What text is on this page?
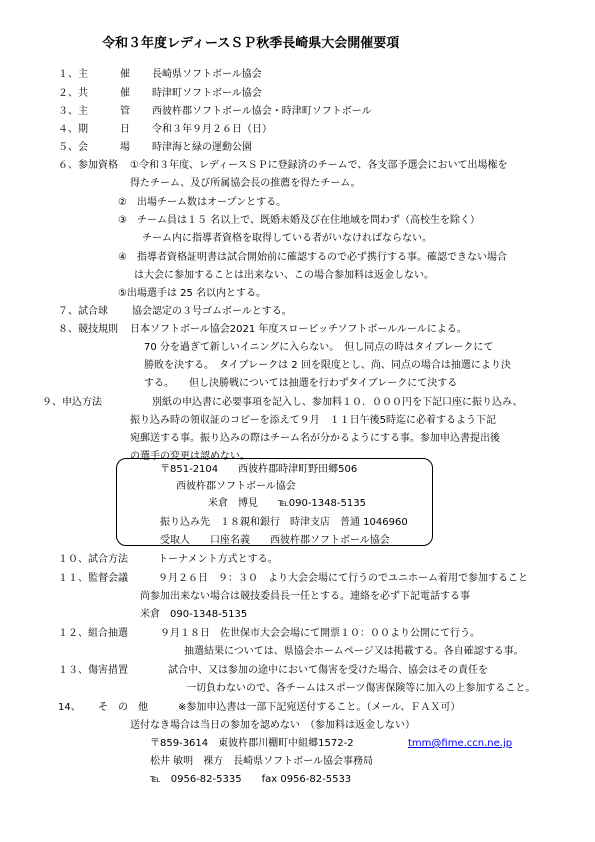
令和３年度レディースＳＰ秋季長崎県大会開催要項
１、主	催 長崎県ソフトボール協会
２、共	催 時津町ソフトボール協会
３、主	管 西彼杵郡ソフトボール協会・時津町ソフトボール
４、期	日 令和３年９月２６日（日）
５、会	場 時津海と緑の運動公園
６、参加資格 ①令和３年度、レディースＳＰに登録済のチームで、各支部予選会において出場権を
得たチーム、及び所属協会長の推薦を得たチーム。
②　出場チーム数はオープンとする。
③　チーム員は１５ 名以上で、既婚未婚及び在住地域を問わず（高校生を除く）
チーム内に指導者資格を取得している者がいなければならない。
④　指導者資格証明書は試合開始前に確認するので必ず携行する事。確認できない場合
は大会に参加することは出来ない、この場合参加料は返金しない。
⑤出場選手は 25 名以内とする。
７、試合球 協会認定の３号ゴムボールとする。
８、競技規則 日本ソフトボール協会2021 年度スローピッチソフトボールルールによる。
70 分を過ぎて新しいイニングに入らない。　但し同点の時はタイブレークにて
勝敗を決する。　タイブレークは 2 回を限度とし、尚、同点の場合は抽選により決
する。　　但し決勝戦については抽選を行わずタイブレークにて決する
９、申込方法	別紙の申込書に必要事項を記入し、参加料１０．０００円を下記口座に振り込み、
振り込み時の領収証のコピーを添えて９月　１１日午後5時迄に必着するよう下記
宛郵送する事。振り込みの際はチーム名が分かるようにする事。参加申込書提出後
の選手の変更は認めない。
〒851-2104　　西彼杵郡時津町野田郷506
西彼杵郡ソフトボール協会
米倉　博見　　℡090-1348-5135
振り込み先　１８親和銀行　時津支店　普通 1046960
受取人　　口座名義　　西彼杵郡ソフトボール協会
１０、試合方法	トーナメント方式とする。
１１、監督会議	９月２６日　９：３０　より大会会場にて行うのでユニホーム着用で参加すること
尚参加出来ない場合は競技委員長一任とする。連絡を必ず下記電話する事
米倉　090-1348-5135
１２、組合抽選	９月１８日　佐世保市大会会場にて開票１０：００より公開にて行う。
抽選結果については、県協会ホームページ又は掲載する。各自確認する事。
１３、傷害措置	試合中、又は参加の途中において傷害を受けた場合、協会はその責任を
一切負わないので、各チームはスポーツ傷害保険等に加入の上参加すること。
14、 そ　の　他	※参加申込書は一部下記宛送付すること。（メール、ＦＡＸ可）
送付なき場合は当日の参加を認めない　（参加料は返金しない）
〒859-3614　東彼杵郡川棚町中組郷1572-2	tmm@fime.ccn.ne.jp
松井 敏明　裸方　長崎県ソフトボール協会事務局
℡　0956-82-5335　　fax 0956-82-5533
